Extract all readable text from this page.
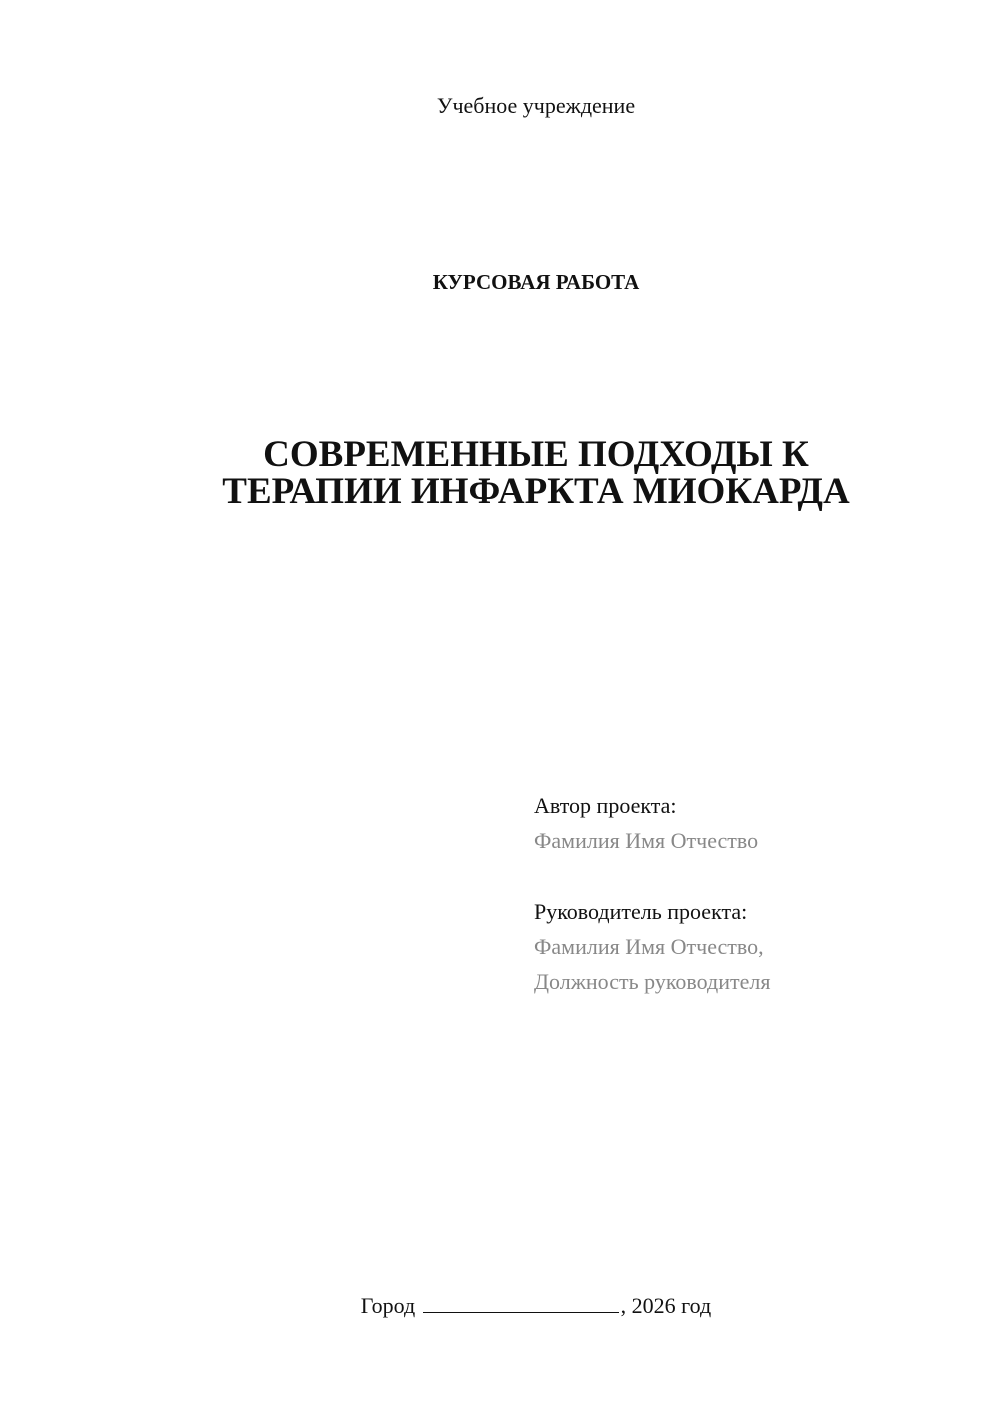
Учебное учреждение
КУРСОВАЯ РАБОТА
СОВРЕМЕННЫЕ ПОДХОДЫ К
ТЕРАПИИ ИНФАРКТА МИОКАРДА
Автор проекта:
Фамилия Имя Отчество
Руководитель проекта:
Фамилия Имя Отчество,
Должность руководителя
Город	, 2026 год
